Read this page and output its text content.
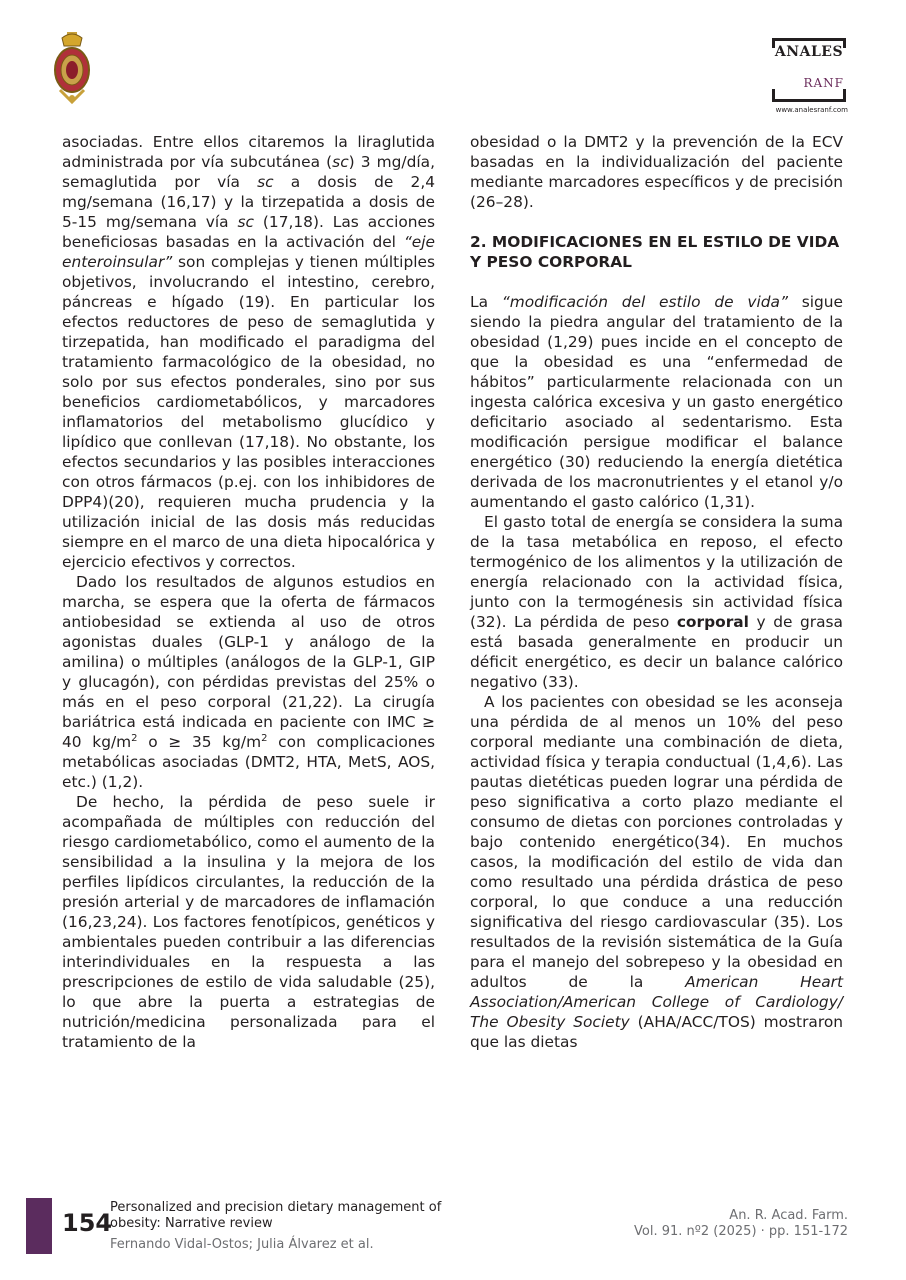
ANALES
RANF
www.analesranf.com

asociadas. Entre ellos citaremos la liraglutida administrada por vía subcutánea (sc) 3 mg/día, semaglutida por vía sc a dosis de 2,4 mg/semana (16,17) y la tirzepatida a dosis de 5-15 mg/semana vía sc (17,18). Las acciones beneficiosas basadas en la activación del “eje enteroinsular” son complejas y tienen múltiples objetivos, involucrando el intestino, cerebro, páncreas e hígado (19). En particular los efectos reductores de peso de semaglutida y tirzepatida, han modificado el paradigma del tratamiento farmacológico de la obesidad, no solo por sus efectos ponderales, sino por sus beneficios cardiometabólicos, y marcadores inflamatorios del metabolismo glucídico y lipídico que conllevan (17,18). No obstante, los efectos secundarios y las posibles interacciones con otros fármacos (p.ej. con los inhibidores de DPP4)(20), requieren mucha prudencia y la utilización inicial de las dosis más reducidas siempre en el marco de una dieta hipocalórica y ejercicio efectivos y correctos.

Dado los resultados de algunos estudios en marcha, se espera que la oferta de fármacos antiobesidad se extienda al uso de otros agonistas duales (GLP-1 y análogo de la amilina) o múltiples (análogos de la GLP-1, GIP y glucagón), con pérdidas previstas del 25% o más en el peso corporal (21,22). La cirugía bariátrica está indicada en paciente con IMC ≥ 40 $kg/m^2$ o ≥ 35 $kg/m^2$ con complicaciones metabólicas asociadas (DMT2, HTA, MetS, AOS, etc.) (1,2).

De hecho, la pérdida de peso suele ir acompañada de múltiples con reducción del riesgo cardiometabólico, como el aumento de la sensibilidad a la insulina y la mejora de los perfiles lipídicos circulantes, la reducción de la presión arterial y de marcadores de inflamación (16,23,24). Los factores fenotípicos, genéticos y ambientales pueden contribuir a las diferencias interindividuales en la respuesta a las prescripciones de estilo de vida saludable (25), lo que abre la puerta a estrategias de nutrición/medicina personalizada para el tratamiento de la

obesidad o la DMT2 y la prevención de la ECV basadas en la individualización del paciente mediante marcadores específicos y de precisión (26–28).

2. MODIFICACIONES EN EL ESTILO DE VIDA Y PESO CORPORAL

La “modificación del estilo de vida” sigue siendo la piedra angular del tratamiento de la obesidad (1,29) pues incide en el concepto de que la obesidad es una “enfermedad de hábitos” particularmente relacionada con un ingesta calórica excesiva y un gasto energético deficitario asociado al sedentarismo. Esta modificación persigue modificar el balance energético (30) reduciendo la energía dietética derivada de los macronutrientes y el etanol y/o aumentando el gasto calórico (1,31).

El gasto total de energía se considera la suma de la tasa metabólica en reposo, el efecto termogénico de los alimentos y la utilización de energía relacionado con la actividad física, junto con la termogénesis sin actividad física (32). La pérdida de peso corporal y de grasa está basada generalmente en producir un déficit energético, es decir un balance calórico negativo (33).

A los pacientes con obesidad se les aconseja una pérdida de al menos un 10% del peso corporal mediante una combinación de dieta, actividad física y terapia conductual (1,4,6). Las pautas dietéticas pueden lograr una pérdida de peso significativa a corto plazo mediante el consumo de dietas con porciones controladas y bajo contenido energético(34). En muchos casos, la modificación del estilo de vida dan como resultado una pérdida drástica de peso corporal, lo que conduce a una reducción significativa del riesgo cardiovascular (35). Los resultados de la revisión sistemática de la Guía para el manejo del sobrepeso y la obesidad en adultos de la American Heart Association/American College of Cardiology/ The Obesity Society (AHA/ACC/TOS) mostraron que las dietas

154
Personalized and precision dietary management of obesity: Narrative review
Fernando Vidal-Ostos; Julia Álvarez et al.
An. R. Acad. Farm.
Vol. 91. nº2 (2025) · pp. 151-172
